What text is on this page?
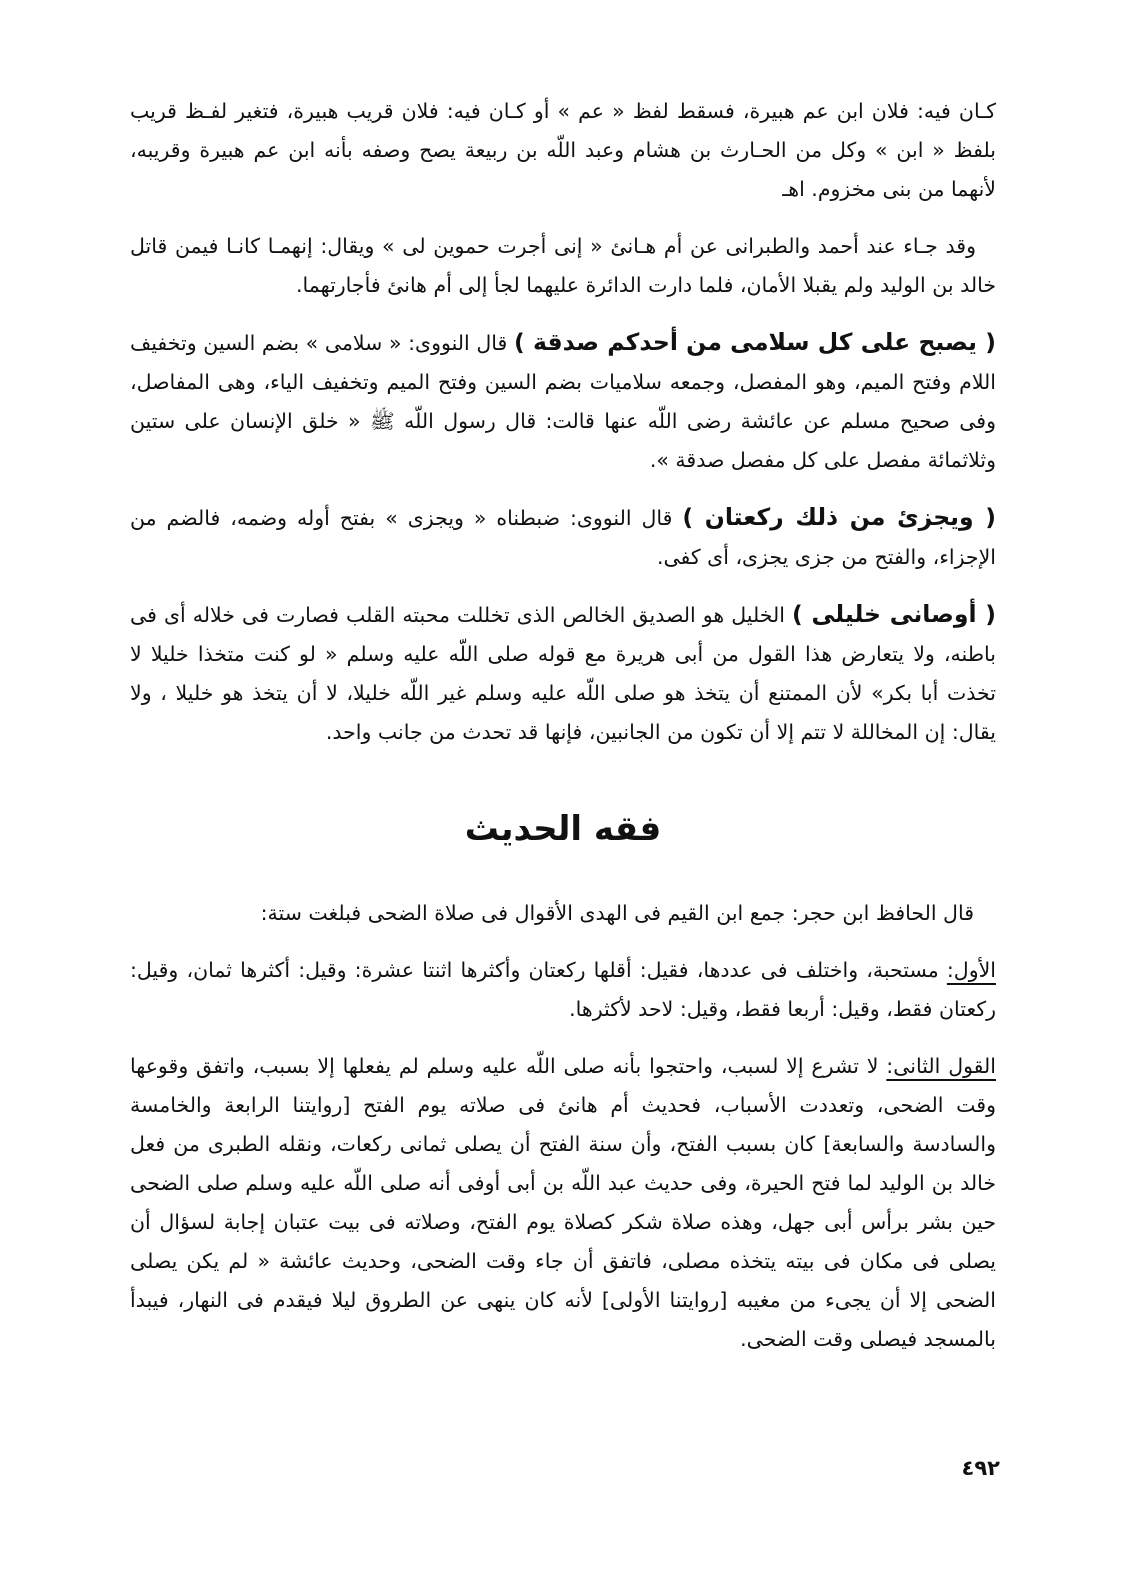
كـان فيه: فلان ابن عم هبيرة، فسقط لفظ « عم » أو كـان فيه: فلان قريب هبيرة، فتغير لفـظ قريب بلفظ « ابن » وكل من الحـارث بن هشام وعبد اللّه بن ربيعة يصح وصفه بأنه ابن عم هبيرة وقريبه، لأنهما من بنى مخزوم. اهـ

وقد جـاء عند أحمد والطبرانى عن أم هـانئ « إنى أجرت حموين لى » ويقال: إنهمـا كانـا فيمن قاتل خالد بن الوليد ولم يقبلا الأمان، فلما دارت الدائرة عليهما لجأ إلى أم هانئ فأجارتهما.

( يصبح على كل سلامى من أحدكم صدقة ) قال النووى: « سلامى » بضم السين وتخفيف اللام وفتح الميم، وهو المفصل، وجمعه سلاميات بضم السين وفتح الميم وتخفيف الياء، وهى المفاصل، وفى صحيح مسلم عن عائشة رضى اللّه عنها قالت: قال رسول اللّه ﷺ « خلق الإنسان على ستين وثلاثمائة مفصل على كل مفصل صدقة ».

( ويجزئ من ذلك ركعتان ) قال النووى: ضبطناه « ويجزى » بفتح أوله وضمه، فالضم من الإجزاء، والفتح من جزى يجزى، أى كفى.

( أوصانى خليلى ) الخليل هو الصديق الخالص الذى تخللت محبته القلب فصارت فى خلاله أى فى باطنه، ولا يتعارض هذا القول من أبى هريرة مع قوله صلى اللّه عليه وسلم « لو كنت متخذا خليلا لا تخذت أبا بكر» لأن الممتنع أن يتخذ هو صلى اللّه عليه وسلم غير اللّه خليلا، لا أن يتخذ هو خليلا ، ولا يقال: إن المخاللة لا تتم إلا أن تكون من الجانبين، فإنها قد تحدث من جانب واحد.

فقه الحديث

قال الحافظ ابن حجر: جمع ابن القيم فى الهدى الأقوال فى صلاة الضحى فبلغت ستة:

الأول: مستحبة، واختلف فى عددها، فقيل: أقلها ركعتان وأكثرها اثنتا عشرة: وقيل: أكثرها ثمان، وقيل: ركعتان فقط، وقيل: أربعا فقط، وقيل: لاحد لأكثرها.

القول الثانى: لا تشرع إلا لسبب، واحتجوا بأنه صلى اللّه عليه وسلم لم يفعلها إلا بسبب، واتفق وقوعها وقت الضحى، وتعددت الأسباب، فحديث أم هانئ فى صلاته يوم الفتح [روايتنا الرابعة والخامسة والسادسة والسابعة] كان بسبب الفتح، وأن سنة الفتح أن يصلى ثمانى ركعات، ونقله الطبرى من فعل خالد بن الوليد لما فتح الحيرة، وفى حديث عبد اللّه بن أبى أوفى أنه صلى اللّه عليه وسلم صلى الضحى حين بشر برأس أبى جهل، وهذه صلاة شكر كصلاة يوم الفتح، وصلاته فى بيت عتبان إجابة لسؤال أن يصلى فى مكان فى بيته يتخذه مصلى، فاتفق أن جاء وقت الضحى، وحديث عائشة « لم يكن يصلى الضحى إلا أن يجىء من مغيبه [روايتنا الأولى] لأنه كان ينهى عن الطروق ليلا فيقدم فى النهار، فيبدأ بالمسجد فيصلى وقت الضحى.

٤٩٢
